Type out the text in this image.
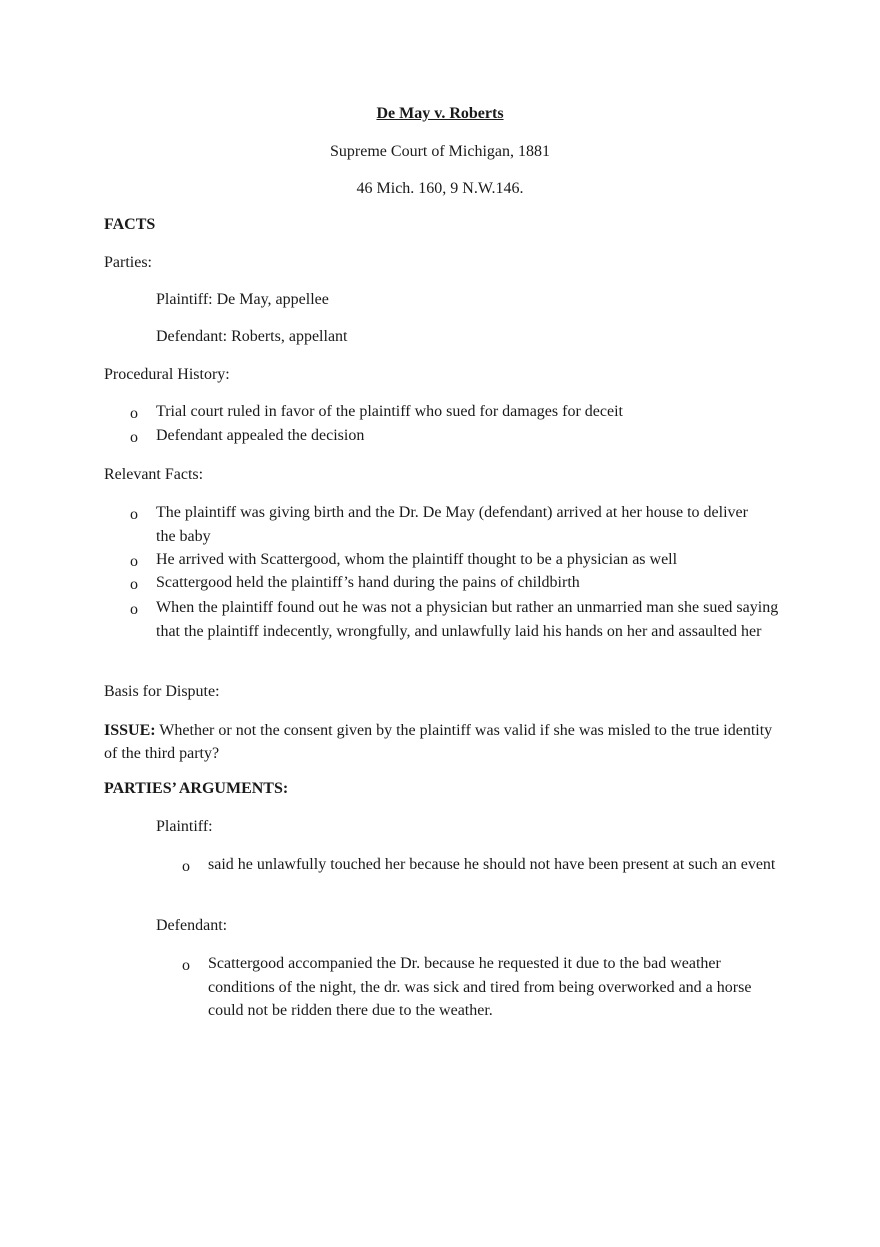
De May v. Roberts
Supreme Court of Michigan, 1881
46 Mich. 160, 9 N.W.146.
FACTS
Parties:
Plaintiff: De May, appellee
Defendant: Roberts, appellant
Procedural History:
o Trial court ruled in favor of the plaintiff who sued for damages for deceit
o Defendant appealed the decision
Relevant Facts:
o The plaintiff was giving birth and the Dr. De May (defendant) arrived at her house to deliver the baby
o He arrived with Scattergood, whom the plaintiff thought to be a physician as well
o Scattergood held the plaintiff’s hand during the pains of childbirth
o When the plaintiff found out he was not a physician but rather an unmarried man she sued saying that the plaintiff indecently, wrongfully, and unlawfully laid his hands on her and assaulted her
Basis for Dispute:
ISSUE: Whether or not the consent given by the plaintiff was valid if she was misled to the true identity of the third party?
PARTIES’ ARGUMENTS:
Plaintiff:
o said he unlawfully touched her because he should not have been present at such an event
Defendant:
o Scattergood accompanied the Dr. because he requested it due to the bad weather conditions of the night, the dr. was sick and tired from being overworked and a horse could not be ridden there due to the weather.
